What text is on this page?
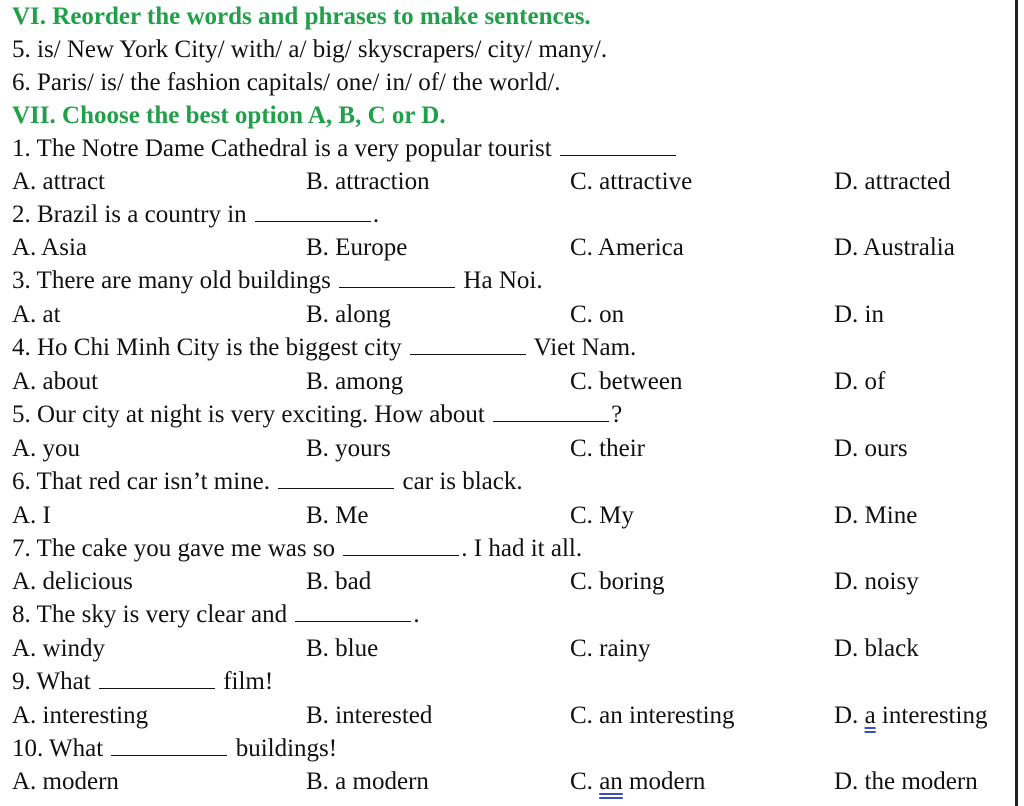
VI. Reorder the words and phrases to make sentences.
5. is/ New York City/ with/ a/ big/ skyscrapers/ city/ many/.
6. Paris/ is/ the fashion capitals/ one/ in/ of/ the world/.
VII. Choose the best option A, B, C or D.
1. The Notre Dame Cathedral is a very popular tourist
A. attract	B. attraction	C. attractive	D. attracted
2. Brazil is a country in	.
A. Asia	B. Europe	C. America	D. Australia
3. There are many old buildings	Ha Noi.
A. at	B. along	C. on	D. in
4. Ho Chi Minh City is the biggest city	Viet Nam.
A. about	B. among	C. between	D. of
5. Our city at night is very exciting. How about	?
A. you	B. yours	C. their	D. ours
6. That red car isn’t mine.	car is black.
A. I	B. Me	C. My	D. Mine
7. The cake you gave me was so	. I had it all.
A. delicious	B. bad	C. boring	D. noisy
8. The sky is very clear and	.
A. windy	B. blue	C. rainy	D. black
9. What	film!
A. interesting	B. interested	C. an interesting	D. a interesting
10. What	buildings!
A. modern	B. a modern	C. an modern	D. the modern
